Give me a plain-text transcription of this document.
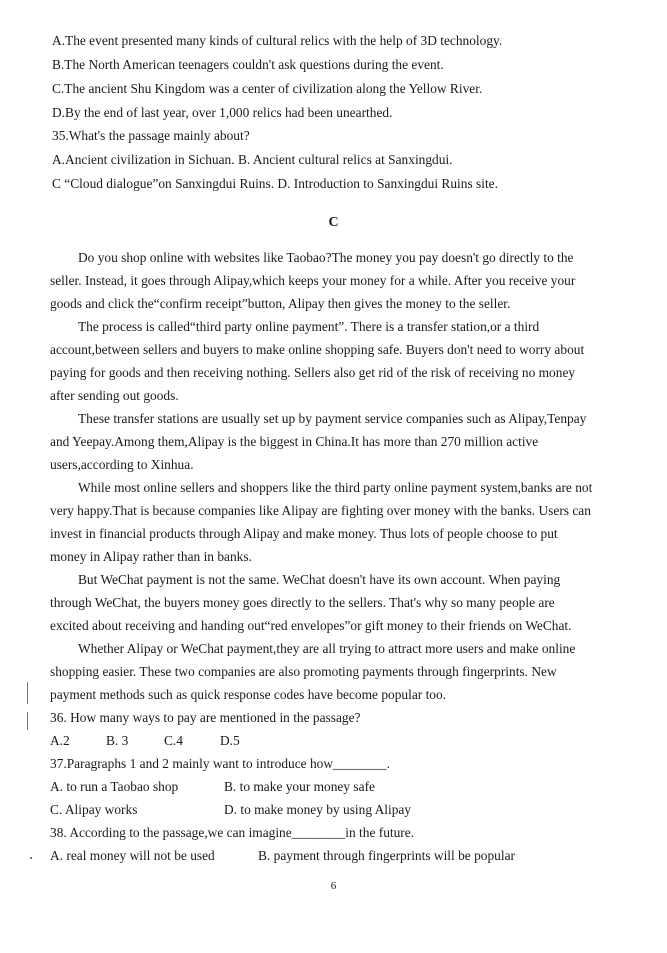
A.The event presented many kinds of cultural relics with the help of 3D technology.
B.The North American teenagers couldn't ask questions during the event.
C.The ancient Shu Kingdom was a center of civilization along the Yellow River.
D.By the end of last year, over 1,000 relics had been unearthed.
35.What's the passage mainly about?
A.Ancient civilization in Sichuan. B. Ancient cultural relics at Sanxingdui.
C “Cloud dialogue”on Sanxingdui Ruins. D. Introduction to Sanxingdui Ruins site.
C
Do you shop online with websites like Taobao?The money you pay doesn't go directly to the
seller. Instead, it goes through Alipay,which keeps your money for a while. After you receive your
goods and click the“confirm receipt”button, Alipay then gives the money to the seller.
The process is called“third party online payment”. There is a transfer station,or a third
account,between sellers and buyers to make online shopping safe. Buyers don't need to worry about
paying for goods and then receiving nothing. Sellers also get rid of the risk of receiving no money
after sending out goods.
These transfer stations are usually set up by payment service companies such as Alipay,Tenpay
and Yeepay.Among them,Alipay is the biggest in China.It has more than 270 million active
users,according to Xinhua.
While most online sellers and shoppers like the third party online payment system,banks are not
very happy.That is because companies like Alipay are fighting over money with the banks. Users can
invest in financial products through Alipay and make money. Thus lots of people choose to put
money in Alipay rather than in banks.
But WeChat payment is not the same. WeChat doesn't have its own account. When paying
through WeChat, the buyers money goes directly to the sellers. That's why so many people are
excited about receiving and handing out“red envelopes”or gift money to their friends on WeChat.
Whether Alipay or WeChat payment,they are all trying to attract more users and make online
shopping easier. These two companies are also promoting payments through fingerprints. New
payment methods such as quick response codes have become popular too.
36. How many ways to pay are mentioned in the passage?
A.2	B. 3	C.4	D.5
37.Paragraphs 1 and 2 mainly want to introduce how________.
A. to run a Taobao shop	B. to make your money safe
C. Alipay works	D. to make money by using Alipay
38. According to the passage,we can imagine________in the future.
A. real money will not be used	B. payment through fingerprints will be popular
6
